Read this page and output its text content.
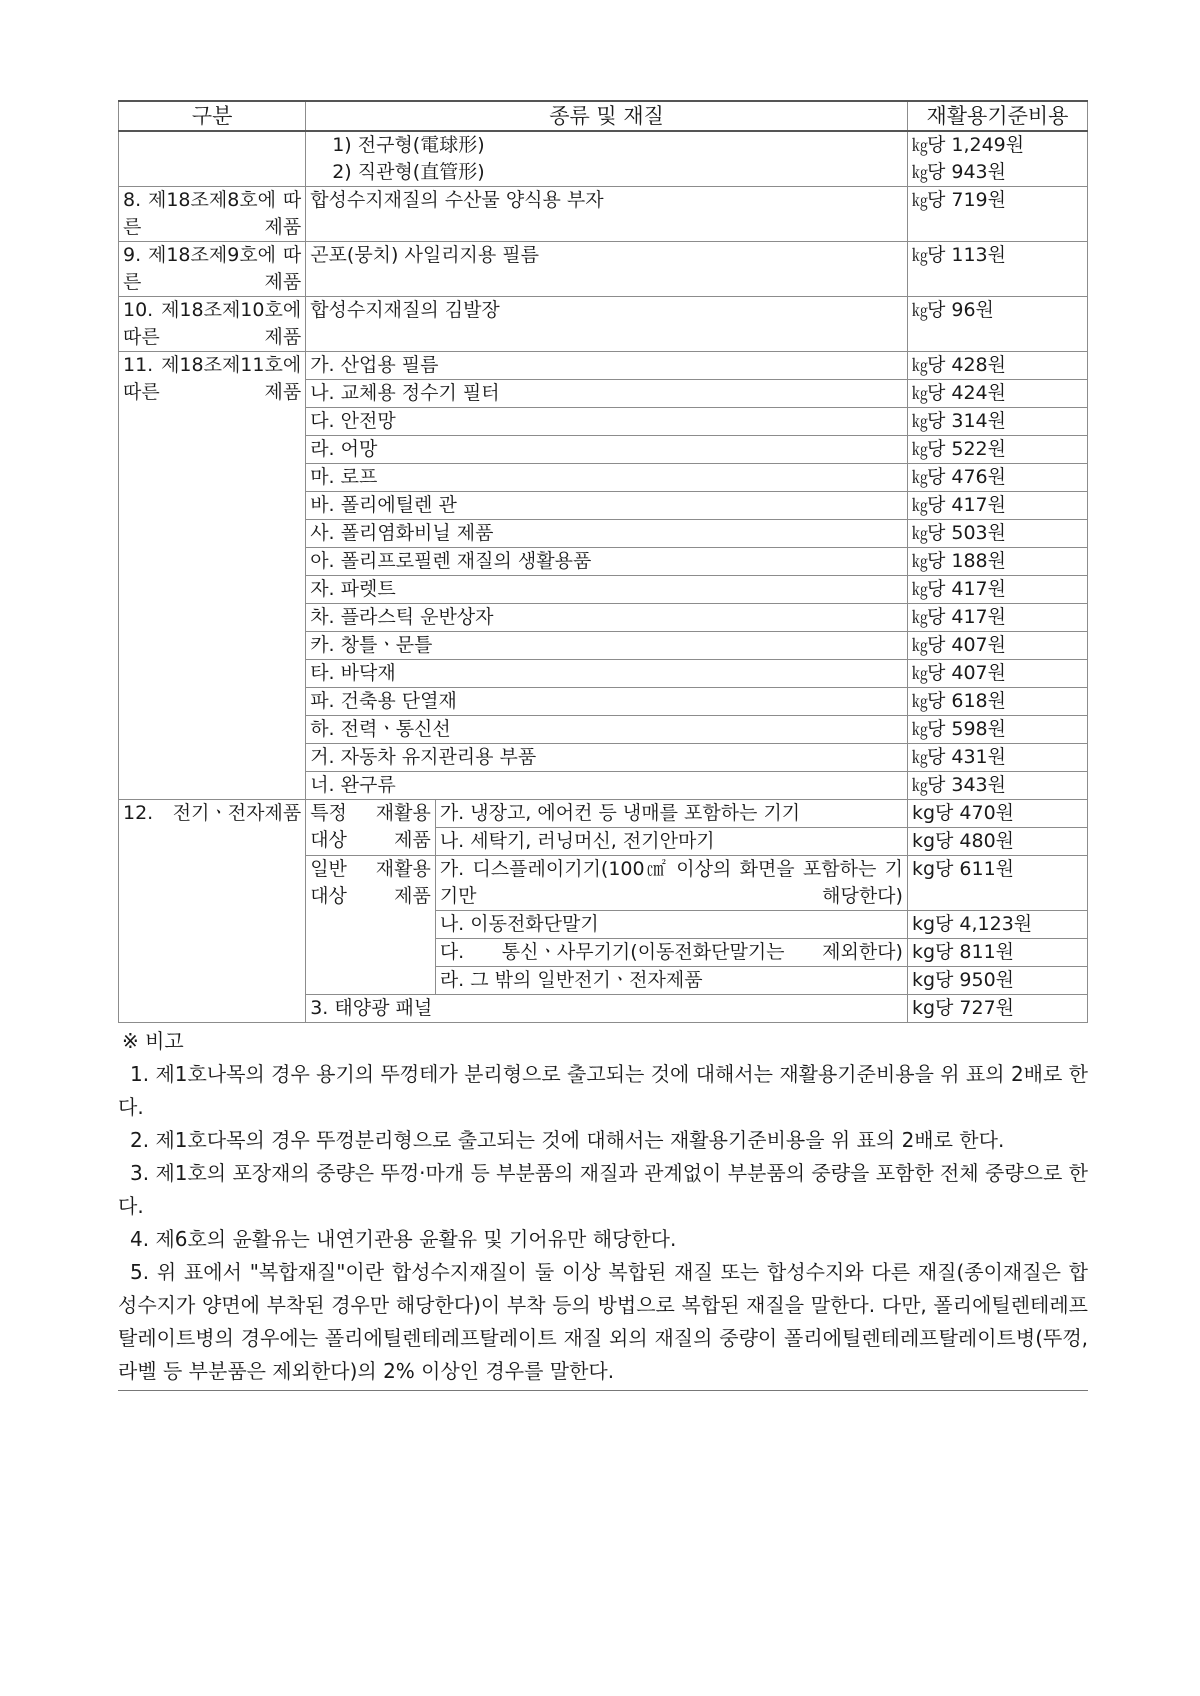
구분	종류 및 재질		재활용기준비용
	1) 전구형(電球形)		㎏당 1,249원
	2) 직관형(直管形)		㎏당 943원
8. 제18조제8호에 따른 제품	합성수지재질의 수산물 양식용 부자		㎏당 719원
9. 제18조제9호에 따른 제품	곤포(뭉치) 사일리지용 필름		㎏당 113원
10. 제18조제10호에 따른 제품	합성수지재질의 김발장		㎏당 96원

11. 제18조제11호에 따른 제품	가. 산업용 필름		㎏당 428원
	나. 교체용 정수기 필터		㎏당 424원
	다. 안전망		㎏당 314원
	라. 어망		㎏당 522원
	마. 로프		㎏당 476원
	바. 폴리에틸렌 관		㎏당 417원
	사. 폴리염화비닐 제품		㎏당 503원
	아. 폴리프로필렌 재질의 생활용품		㎏당 188원
	자. 파렛트		㎏당 417원
	차. 플라스틱 운반상자		㎏당 417원
	카. 창틀ㆍ문틀		㎏당 407원
	타. 바닥재		㎏당 407원
	파. 건축용 단열재		㎏당 618원
	하. 전력ㆍ통신선		㎏당 598원
	거. 자동차 유지관리용 부품		㎏당 431원
	너. 완구류		㎏당 343원

12. 전기ㆍ전자제품	특정 재활용 대상 제품	가. 냉장고, 에어컨 등 냉매를 포함하는 기기	kg당 470원
		나. 세탁기, 러닝머신, 전기안마기	kg당 480원
	일반 재활용 대상 제품	가. 디스플레이기기(100㎠ 이상의 화면을 포함하는 기기만 해당한다)	kg당 611원
		나. 이동전화단말기	kg당 4,123원
		다. 통신ㆍ사무기기(이동전화단말기는 제외한다)	kg당 811원
		라. 그 밖의 일반전기ㆍ전자제품	kg당 950원
	3. 태양광 패널		kg당 727원
※ 비고
1. 제1호나목의 경우 용기의 뚜껑테가 분리형으로 출고되는 것에 대해서는 재활용기준비용을 위 표의 2배로 한다.
2. 제1호다목의 경우 뚜껑분리형으로 출고되는 것에 대해서는 재활용기준비용을 위 표의 2배로 한다.
3. 제1호의 포장재의 중량은 뚜껑·마개 등 부분품의 재질과 관계없이 부분품의 중량을 포함한 전체 중량으로 한다.
4. 제6호의 윤활유는 내연기관용 윤활유 및 기어유만 해당한다.
5. 위 표에서 "복합재질"이란 합성수지재질이 둘 이상 복합된 재질 또는 합성수지와 다른 재질(종이재질은 합성수지가 양면에 부착된 경우만 해당한다)이 부착 등의 방법으로 복합된 재질을 말한다. 다만, 폴리에틸렌테레프탈레이트병의 경우에는 폴리에틸렌테레프탈레이트 재질 외의 재질의 중량이 폴리에틸렌테레프탈레이트병(뚜껑, 라벨 등 부분품은 제외한다)의 2% 이상인 경우를 말한다.
